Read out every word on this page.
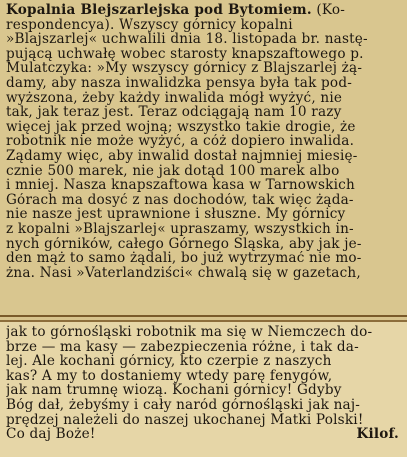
Kopalnia Blejszarlejska pod Bytomiem. (Ko-
respondencya). Wszyscy górnicy kopalni
»Blajszarlej« uchwalili dnia 18. listopada br. nastę-
pującą uchwałę wobec starosty knapszaftowego p.
Mulatczyka: »My wszyscy górnicy z Blajszarlej żą-
damy, aby nasza inwalidzka pensya była tak pod-
wyższona, żeby każdy inwalida mógł wyżyć, nie
tak, jak teraz jest. Teraz odciągają nam 10 razy
więcej jak przed wojną; wszystko takie drogie, że
robotnik nie może wyżyć, a cóż dopiero inwalida.
Żądamy więc, aby inwalid dostał najmniej miesię-
cznie 500 marek, nie jak dotąd 100 marek albo
i mniej. Nasza knapszaftowa kasa w Tarnowskich
Górach ma dosyć z nas dochodów, tak więc żąda-
nie nasze jest uprawnione i słuszne. My górnicy
z kopalni »Blajszarlej« upraszamy, wszystkich in-
nych górników, całego Górnego Śląska, aby jak je-
den mąż to samo żądali, bo już wytrzymać nie mo-
żna. Nasi »Vaterlandziści« chwalą się w gazetach,
jak to górnośląski robotnik ma się w Niemczech do-
brze — ma kasy — zabezpieczenia różne, i tak da-
lej. Ale kochani górnicy, kto czerpie z naszych
kas? A my to dostaniemy wtedy parę fenygów,
jak nam trumnę wiozą. Kochani górnicy! Gdyby
Bóg dał, żebyśmy i cały naród górnośląski jak naj-
prędzej należeli do naszej ukochanej Matki Polski!
Co daj Boże!	Kilof.
